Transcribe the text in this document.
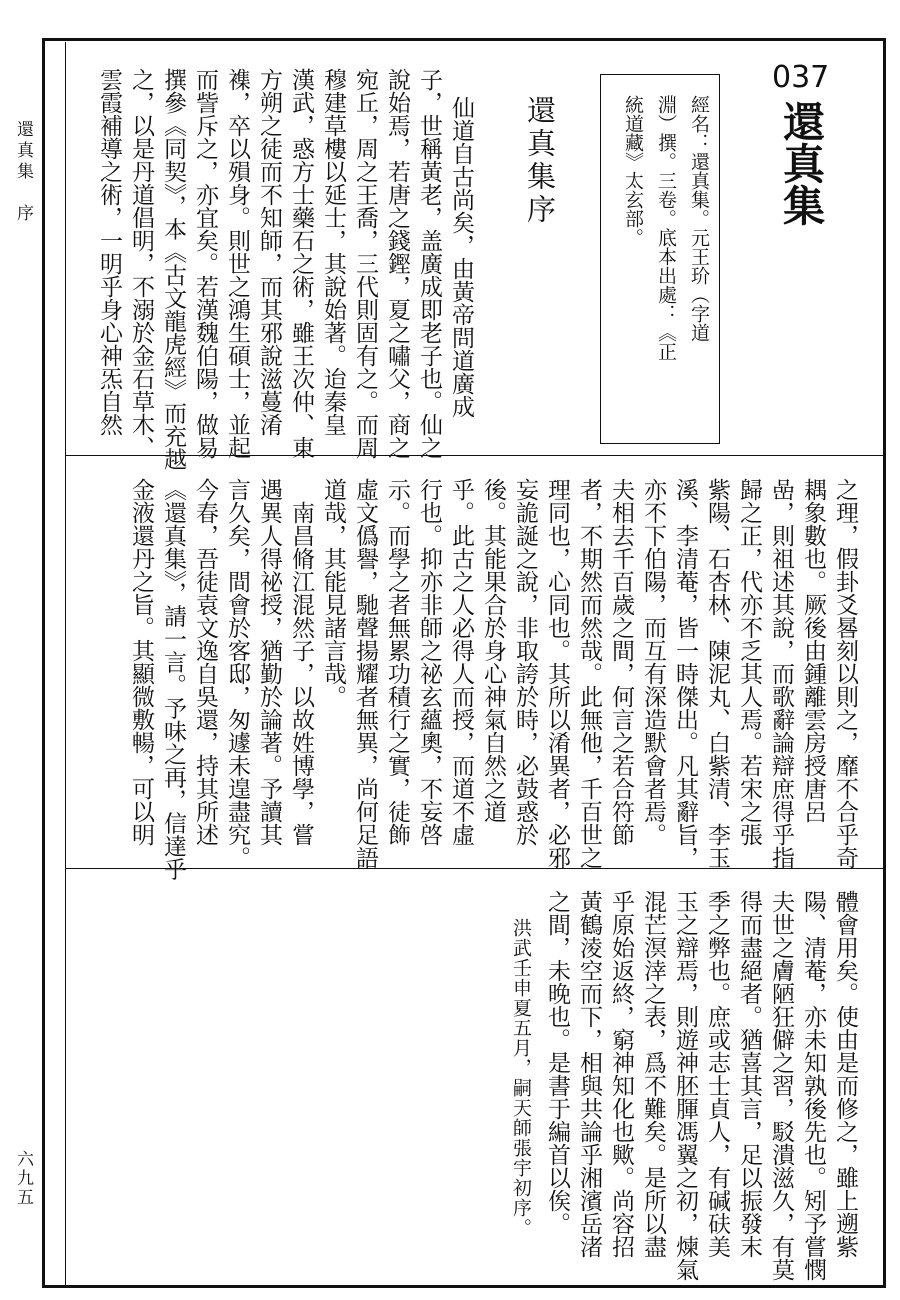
還真集　序
六九五
037
還真集
經名：還真集。元王玠（字道
淵）撰。三卷。底本出處：《正
統道藏》太玄部。
還真集序
仙道自古尚矣，由黃帝問道廣成
子，世稱黃老，盖廣成即老子也。仙之
說始焉，若唐之錢鏗，夏之嘯父，商之
宛丘，周之王喬，三代則固有之。而周
穆建草樓以延士，其說始著。迨秦皇
漢武，惑方士藥石之術，雖王次仲、東
方朔之徒而不知師，而其邪說滋蔓淆
襍，卒以殞身。則世之鴻生碩士，並起
而訾斥之，亦宜矣。若漢魏伯陽，做易
撰參《同契》，本《古文龍虎經》而充越
之，以是丹道倡明，不溺於金石草木、
雲霞補導之術，一明乎身心神炁自然
之理，假卦爻晷刻以則之，靡不合乎奇
耦象數也。厥後由鍾離雲房授唐呂
嵒，則祖述其說，而歌辭論辯庶得乎指
歸之正，代亦不乏其人焉。若宋之張
紫陽、石杏林、陳泥丸、白紫清、李玉
溪、李清菴，皆一時傑出。凡其辭旨，
亦不下伯陽，而互有深造默會者焉。
夫相去千百歲之間，何言之若合符節
者，不期然而然哉。此無他，千百世之
理同也，心同也。其所以淆異者，必邪
妄詭誕之說，非取誇於時，必鼓惑於
後。其能果合於身心神氣自然之道
乎。此古之人必得人而授，而道不虛
行也。抑亦非師之祕玄蘊奧，不妄啓
示。而學之者無累功積行之實，徒飾
虛文僞譽，馳聲揚耀者無異，尚何足語
道哉，其能見諸言哉。
　南昌脩江混然子，以故姓博學，嘗
遇異人得祕授，猶勤於論著。予讀其
言久矣，間會於客邸，匆遽未遑盡究。
今春，吾徒袁文逸自吳還，持其所述
《還真集》，請一言。予味之再，信達乎
金液還丹之旨。其顯微敷暢，可以明
體會用矣。使由是而修之，雖上遡紫
陽、清菴，亦未知孰後先也。矧予嘗憫
夫世之膚陋狂僻之習，駁潰滋久，有莫
得而盡絕者。猶喜其言，足以振發末
季之弊也。庶或志士貞人，有碱砆美
玉之辯焉，則遊神胚腪馮翼之初，煉氣
混芒溟涬之表，爲不難矣。是所以盡
乎原始返終，窮神知化也歟。尚容招
黃鶴淩空而下，相與共論乎湘濱岳渚
之間，未晚也。是書于編首以俟。
洪武壬申夏五月，嗣天師張宇初序。
